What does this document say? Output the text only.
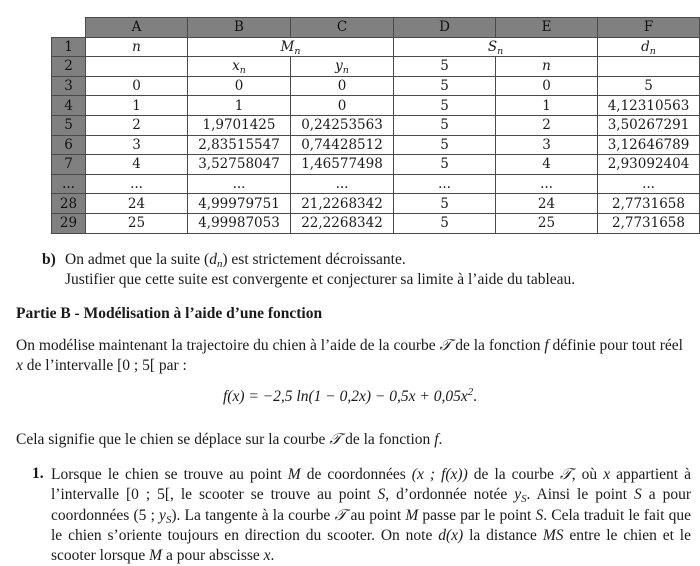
	A	B	C	D	E	F
1	n	$M_n$		$S_n$		$d_n$
2		$x_n$	$y_n$	5	n	
3	0	0	0	5	0	5
4	1	1	0	5	1	4,12310563
5	2	1,9701425	0,24253563	5	2	3,50267291
6	3	2,83515547	0,74428512	5	3	3,12646789
7	4	3,52758047	1,46577498	5	4	2,93092404
...	...	...	...	...	...	...
28	24	4,99979751	21,2268342	5	24	2,7731658
29	25	4,99987053	22,2268342	5	25	2,7731658
b) On admet que la suite $(d_n)$ est strictement décroissante.
Justifier que cette suite est convergente et conjecturer sa limite à l’aide du tableau.
Partie B - Modélisation à l’aide d’une fonction
On modélise maintenant la trajectoire du chien à l’aide de la courbe 𝒯 de la fonction f définie pour tout réel x de l’intervalle [0 ; 5[ par :
f(x) = −2,5 $\ln(1 - 0,2x) - 0,5x + 0,05x^2$.
Cela signifie que le chien se déplace sur la courbe 𝒯 de la fonction f.
1. Lorsque le chien se trouve au point M de coordonnées (x ; f(x)) de la courbe 𝒯, où x appartient à l’intervalle [0 ; 5[, le scooter se trouve au point S, d’ordonnée notée $y_S$. Ainsi le point S a pour coordonnées (5 ; $y_S$). La tangente à la courbe 𝒯 au point M passe par le point S. Cela traduit le fait que le chien s’oriente toujours en direction du scooter. On note d(x) la distance MS entre le chien et le scooter lorsque M a pour abscisse x.
